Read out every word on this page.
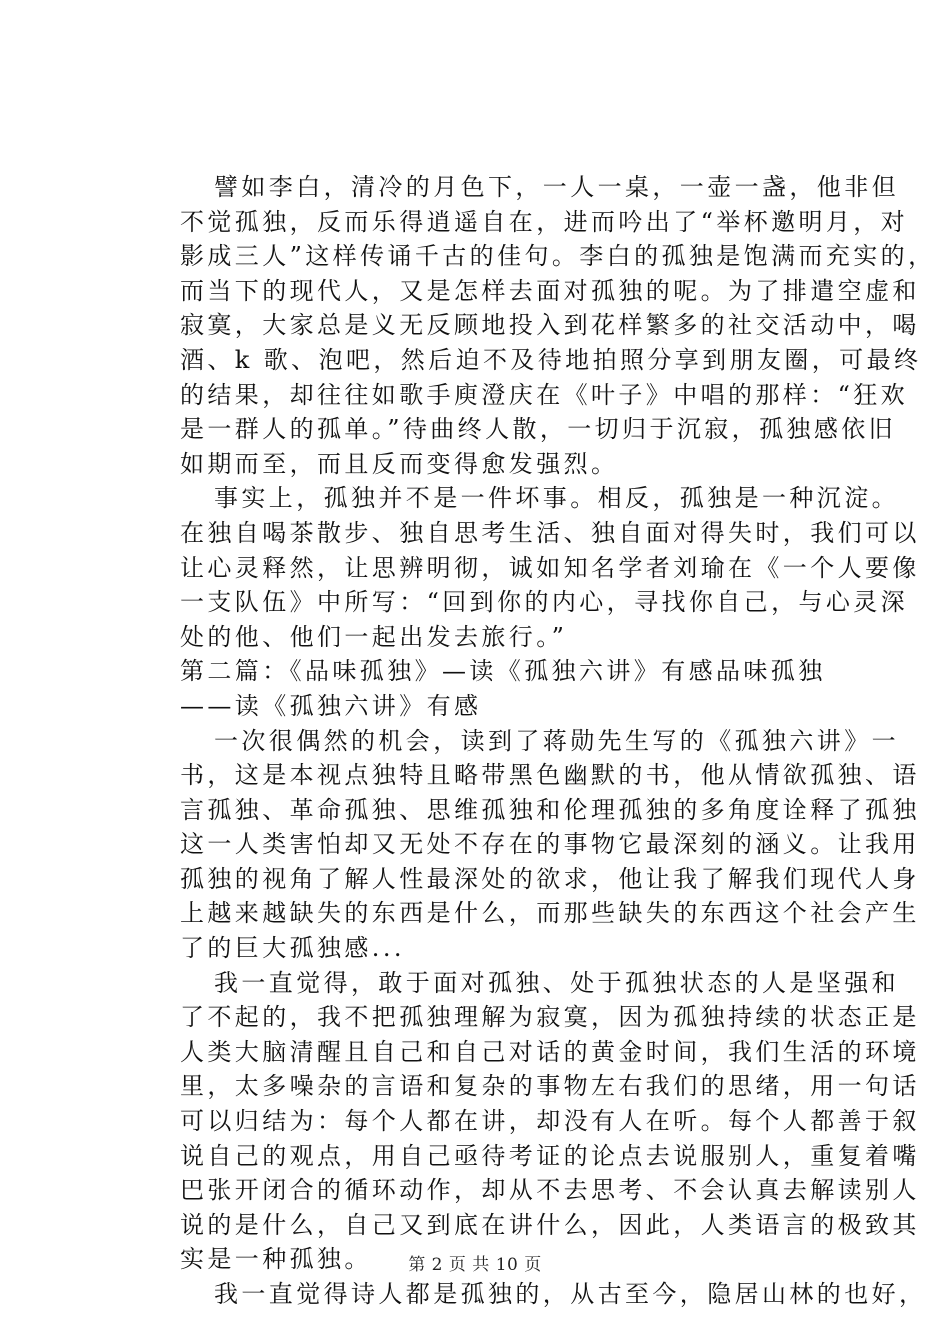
譬如李白，清冷的月色下，一人一桌，一壶一盏，他非但
不觉孤独，反而乐得逍遥自在，进而吟出了“举杯邀明月，对
影成三人”这样传诵千古的佳句。李白的孤独是饱满而充实的，
而当下的现代人，又是怎样去面对孤独的呢。为了排遣空虚和
寂寞，大家总是义无反顾地投入到花样繁多的社交活动中，喝
酒、k 歌、泡吧，然后迫不及待地拍照分享到朋友圈，可最终
的结果，却往往如歌手庾澄庆在《叶子》中唱的那样：“狂欢
是一群人的孤单。”待曲终人散，一切归于沉寂，孤独感依旧
如期而至，而且反而变得愈发强烈。
事实上，孤独并不是一件坏事。相反，孤独是一种沉淀。
在独自喝茶散步、独自思考生活、独自面对得失时，我们可以
让心灵释然，让思辨明彻，诚如知名学者刘瑜在《一个人要像
一支队伍》中所写：“回到你的内心，寻找你自己，与心灵深
处的他、他们一起出发去旅行。”
第二篇：《品味孤独》—读《孤独六讲》有感品味孤独
——读《孤独六讲》有感
一次很偶然的机会，读到了蒋勋先生写的《孤独六讲》一
书，这是本视点独特且略带黑色幽默的书，他从情欲孤独、语
言孤独、革命孤独、思维孤独和伦理孤独的多角度诠释了孤独
这一人类害怕却又无处不存在的事物它最深刻的涵义。让我用
孤独的视角了解人性最深处的欲求，他让我了解我们现代人身
上越来越缺失的东西是什么，而那些缺失的东西这个社会产生
了的巨大孤独感...
我一直觉得，敢于面对孤独、处于孤独状态的人是坚强和
了不起的，我不把孤独理解为寂寞，因为孤独持续的状态正是
人类大脑清醒且自己和自己对话的黄金时间，我们生活的环境
里，太多噪杂的言语和复杂的事物左右我们的思绪，用一句话
可以归结为：每个人都在讲，却没有人在听。每个人都善于叙
说自己的观点，用自己亟待考证的论点去说服别人，重复着嘴
巴张开闭合的循环动作，却从不去思考、不会认真去解读别人
说的是什么，自己又到底在讲什么，因此，人类语言的极致其
实是一种孤独。
我一直觉得诗人都是孤独的，从古至今，隐居山林的也好，
第 2 页 共 10 页
